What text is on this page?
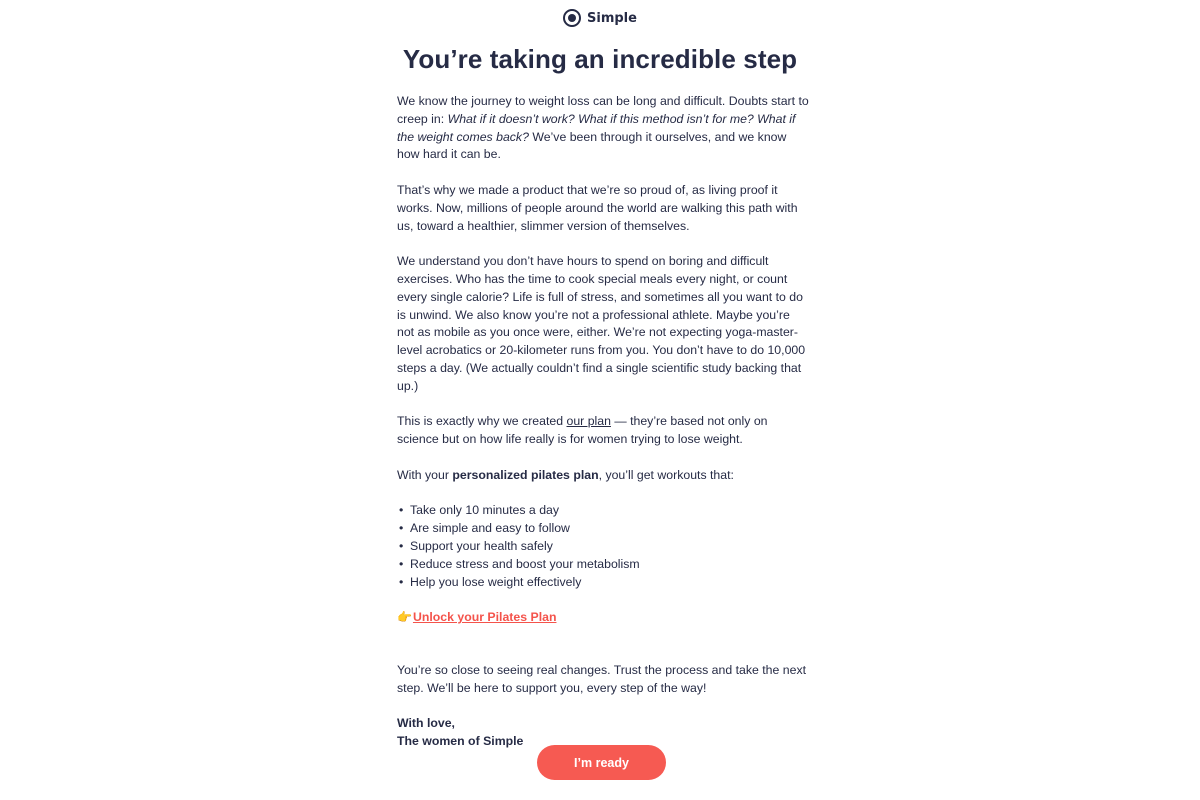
Simple
You’re taking an incredible step

We know the journey to weight loss can be long and difficult. Doubts start to creep in: What if it doesn’t work? What if this method isn’t for me? What if the weight comes back? We’ve been through it ourselves, and we know how hard it can be.

That’s why we made a product that we’re so proud of, as living proof it works. Now, millions of people around the world are walking this path with us, toward a healthier, slimmer version of themselves.

We understand you don’t have hours to spend on boring and difficult exercises. Who has the time to cook special meals every night, or count every single calorie? Life is full of stress, and sometimes all you want to do is unwind. We also know you’re not a professional athlete. Maybe you’re not as mobile as you once were, either. We’re not expecting yoga-master-level acrobatics or 20-kilometer runs from you. You don’t have to do 10,000 steps a day. (We actually couldn’t find a single scientific study backing that up.)

This is exactly why we created our plan — they’re based not only on science but on how life really is for women trying to lose weight.

With your personalized pilates plan, you’ll get workouts that:

• Take only 10 minutes a day
• Are simple and easy to follow
• Support your health safely
• Reduce stress and boost your metabolism
• Help you lose weight effectively
👉Unlock your Pilates Plan

You’re so close to seeing real changes. Trust the process and take the next step. We’ll be here to support you, every step of the way!

With love,
The women of Simple
I’m ready
